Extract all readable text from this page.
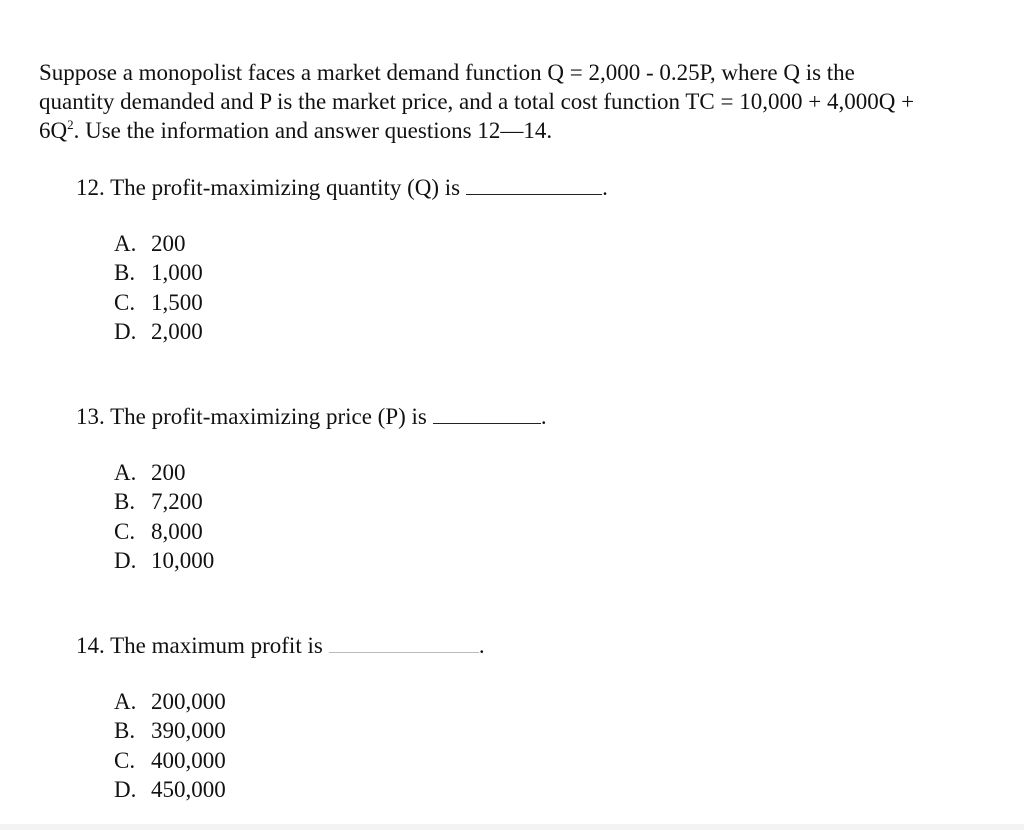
Suppose a monopolist faces a market demand function Q = 2,000 - 0.25P, where Q is the
quantity demanded and P is the market price, and a total cost function TC = 10,000 + 4,000Q +
$6Q^2$. Use the information and answer questions 12—14.
12. The profit-maximizing quantity (Q) is	.
A. 200
B. 1,000
C. 1,500
D. 2,000
13. The profit-maximizing price (P) is	.
A. 200
B. 7,200
C. 8,000
D. 10,000
14. The maximum profit is	.
A. 200,000
B. 390,000
C. 400,000
D. 450,000
